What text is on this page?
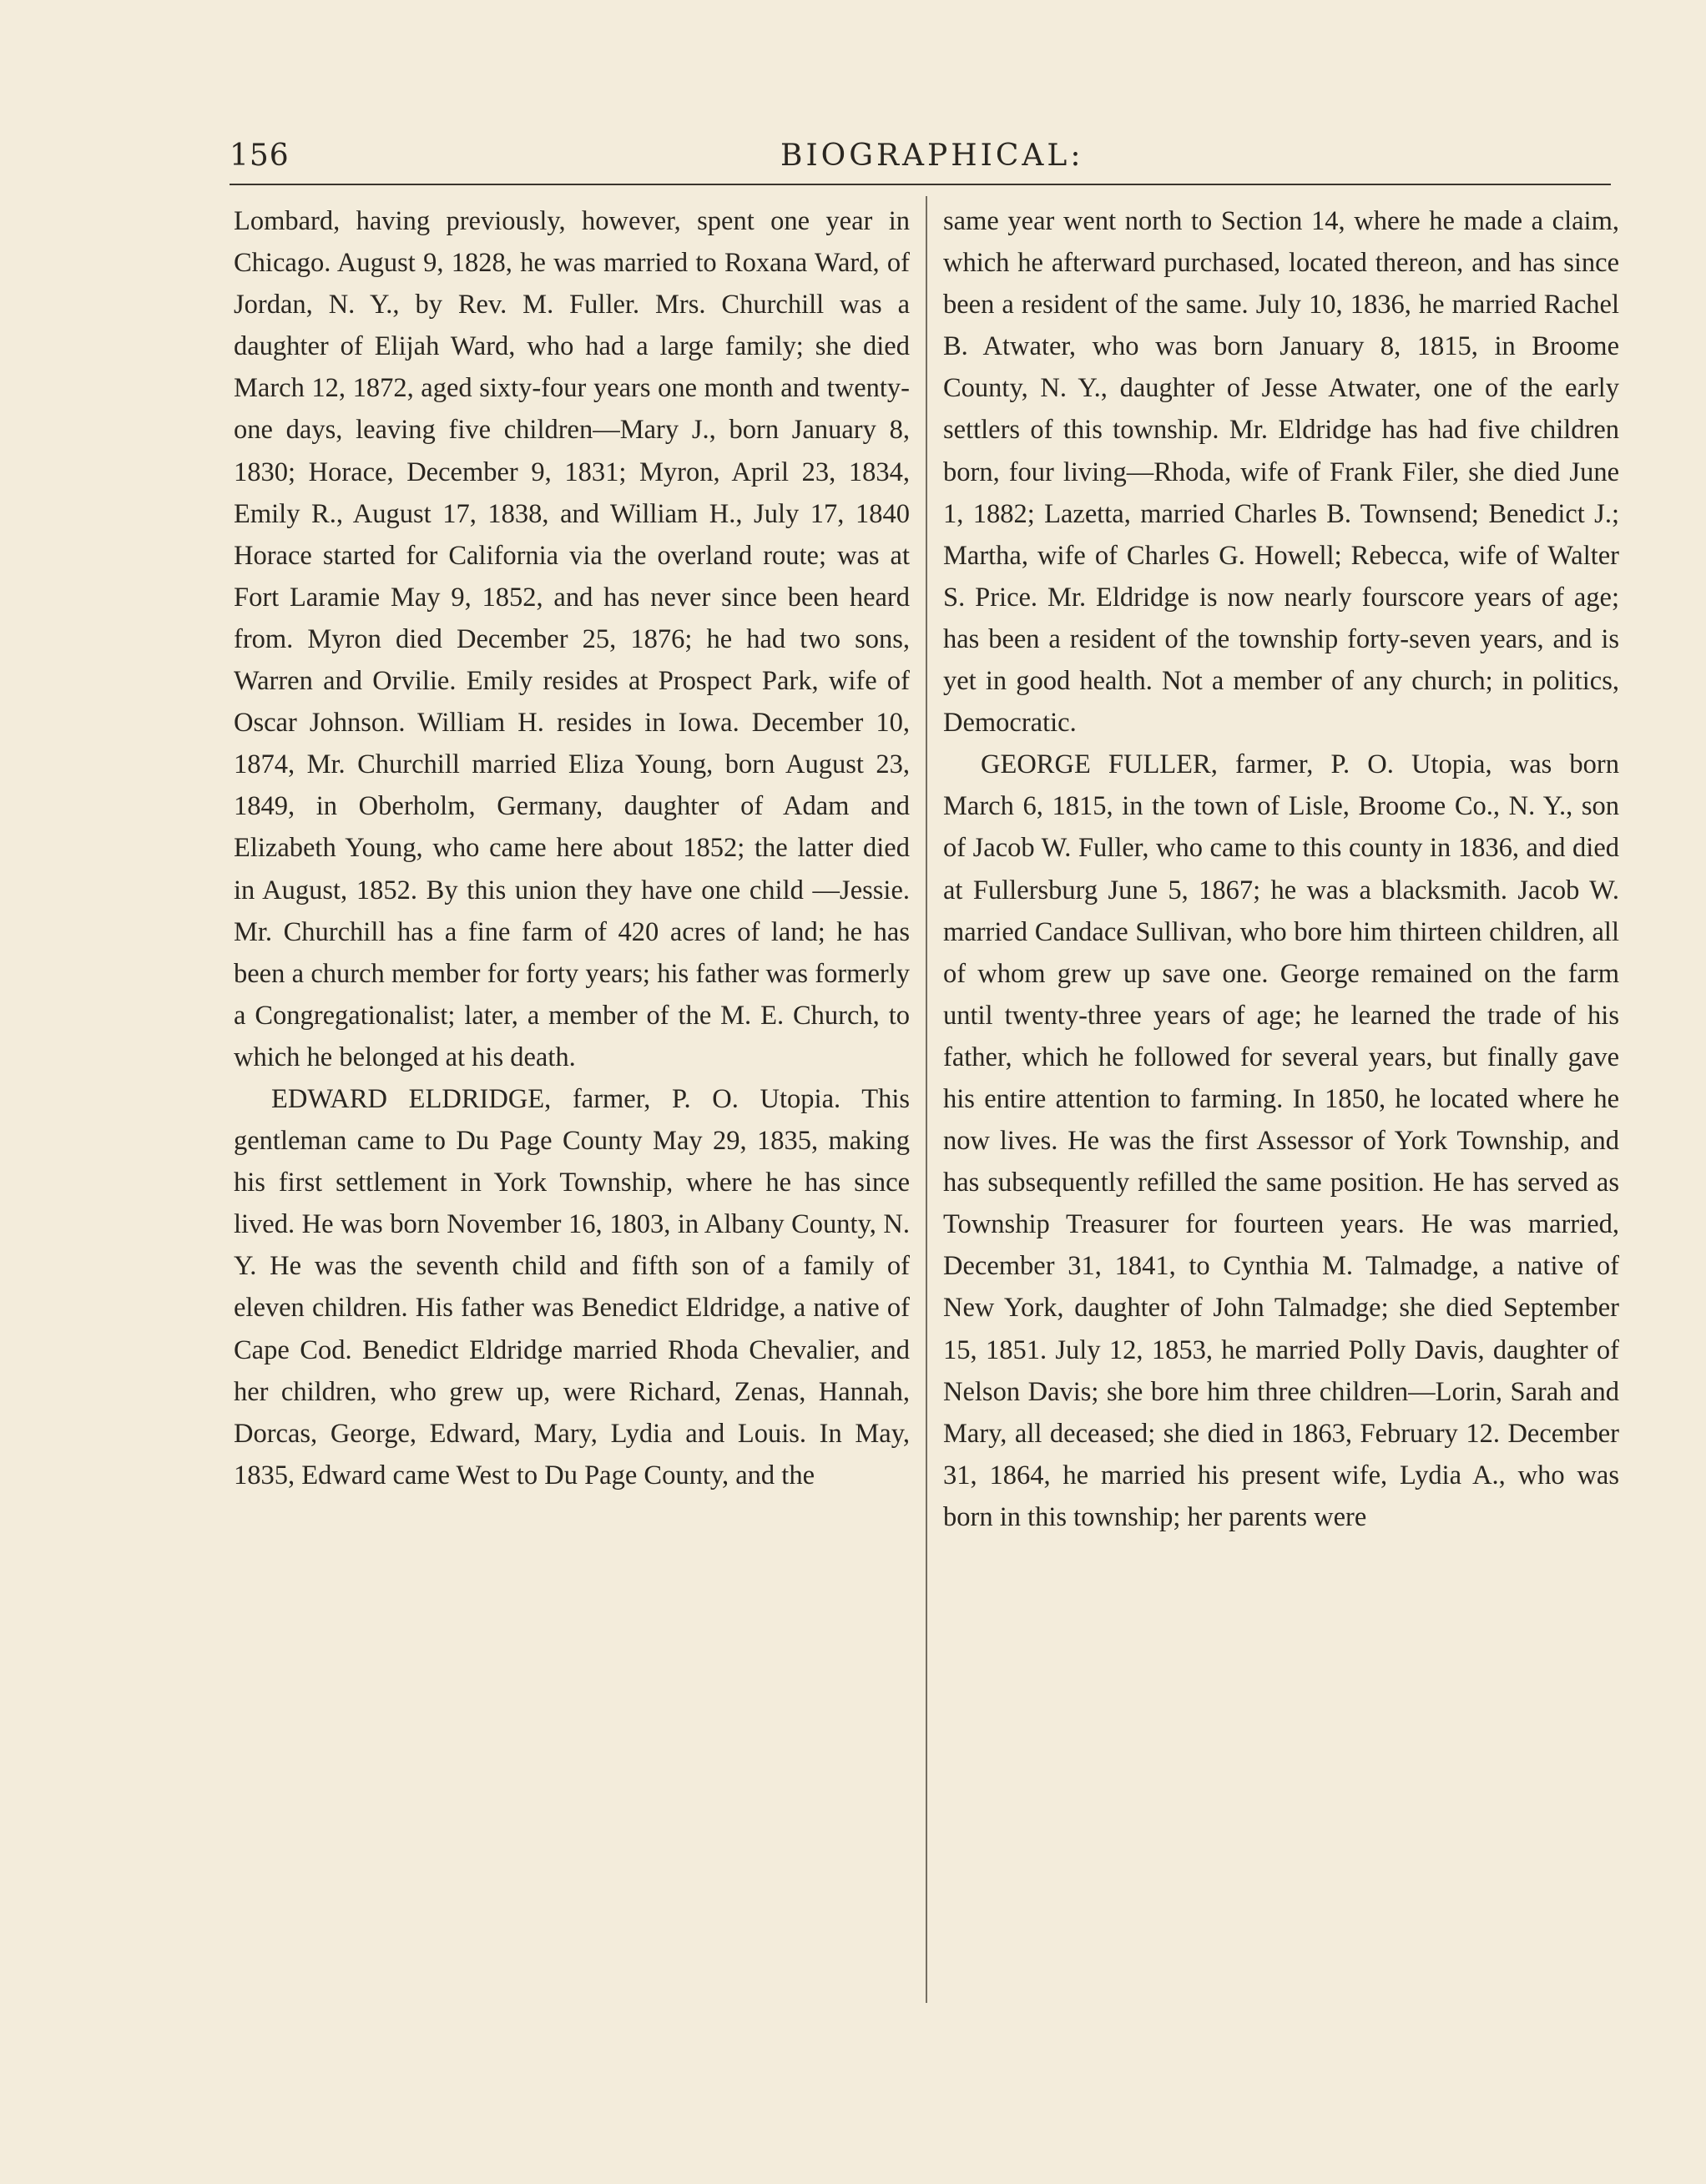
156	BIOGRAPHICAL:

Lombard, having previously, however, spent one year in Chicago. August 9, 1828, he was married to Roxana Ward, of Jordan, N. Y., by Rev. M. Fuller. Mrs. Churchill was a daughter of Elijah Ward, who had a large family; she died March 12, 1872, aged sixty-four years one month and twenty-one days, leaving five children—Mary J., born January 8, 1830; Horace, December 9, 1831; Myron, April 23, 1834, Emily R., August 17, 1838, and William H., July 17, 1840 Horace started for California via the overland route; was at Fort Laramie May 9, 1852, and has never since been heard from. Myron died December 25, 1876; he had two sons, Warren and Orvilie. Emily resides at Prospect Park, wife of Oscar Johnson. William H. resides in Iowa. December 10, 1874, Mr. Churchill married Eliza Young, born August 23, 1849, in Oberholm, Germany, daughter of Adam and Elizabeth Young, who came here about 1852; the latter died in August, 1852. By this union they have one child —Jessie. Mr. Churchill has a fine farm of 420 acres of land; he has been a church member for forty years; his father was formerly a Congregationalist; later, a member of the M. E. Church, to which he belonged at his death.

EDWARD ELDRIDGE, farmer, P. O. Utopia. This gentleman came to Du Page County May 29, 1835, making his first settlement in York Township, where he has since lived. He was born November 16, 1803, in Albany County, N. Y. He was the seventh child and fifth son of a family of eleven children. His father was Benedict Eldridge, a native of Cape Cod. Benedict Eldridge married Rhoda Chevalier, and her children, who grew up, were Richard, Zenas, Hannah, Dorcas, George, Edward, Mary, Lydia and Louis. In May, 1835, Edward came West to Du Page County, and the

same year went north to Section 14, where he made a claim, which he afterward purchased, located thereon, and has since been a resident of the same. July 10, 1836, he married Rachel B. Atwater, who was born January 8, 1815, in Broome County, N. Y., daughter of Jesse Atwater, one of the early settlers of this township. Mr. Eldridge has had five children born, four living—Rhoda, wife of Frank Filer, she died June 1, 1882; Lazetta, married Charles B. Townsend; Benedict J.; Martha, wife of Charles G. Howell; Rebecca, wife of Walter S. Price. Mr. Eldridge is now nearly fourscore years of age; has been a resident of the township forty-seven years, and is yet in good health. Not a member of any church; in politics, Democratic.

GEORGE FULLER, farmer, P. O. Utopia, was born March 6, 1815, in the town of Lisle, Broome Co., N. Y., son of Jacob W. Fuller, who came to this county in 1836, and died at Fullersburg June 5, 1867; he was a blacksmith. Jacob W. married Candace Sullivan, who bore him thirteen children, all of whom grew up save one. George remained on the farm until twenty-three years of age; he learned the trade of his father, which he followed for several years, but finally gave his entire attention to farming. In 1850, he located where he now lives. He was the first Assessor of York Township, and has subsequently refilled the same position. He has served as Township Treasurer for fourteen years. He was married, December 31, 1841, to Cynthia M. Talmadge, a native of New York, daughter of John Talmadge; she died September 15, 1851. July 12, 1853, he married Polly Davis, daughter of Nelson Davis; she bore him three children—Lorin, Sarah and Mary, all deceased; she died in 1863, February 12. December 31, 1864, he married his present wife, Lydia A., who was born in this township; her parents were
